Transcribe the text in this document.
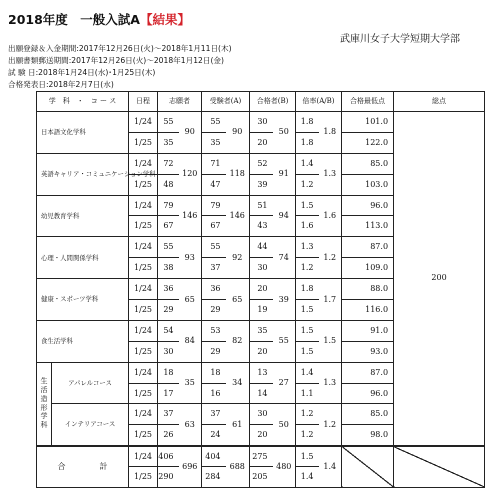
2018年度　一般入試A【結果】
武庫川女子大学短期大学部
出願登録＆入金期間:2017年12月26日(火)～2018年1月11日(木)
出願書類郵送期間:2017年12月26日(火)～2018年1月12日(金)
試 験 日:2018年1月24日(水)･1月25日(木)
合格発表日:2018年2月7日(水)
学　科　・　コ ー ス		日程	志願者		受験者(A)		合格者(B)		倍率(A/B)		合格最低点	総点
日本語文化学科		1/24	55	90	55	90	30	50	1.8	1.8	101.0	200
		1/25	35		35		20		1.8		122.0	
英語キャリア・コミュニケーション学科		1/24	72	120	71	118	52	91	1.4	1.3	85.0	
		1/25	48		47		39		1.2		103.0	
幼児教育学科		1/24	79	146	79	146	51	94	1.5	1.6	96.0	
		1/25	67		67		43		1.6		113.0	
心理・人間関係学科		1/24	55	93	55	92	44	74	1.3	1.2	87.0	
		1/25	38		37		30		1.2		109.0	
健康・スポーツ学科		1/24	36	65	36	65	20	39	1.8	1.7	88.0	
		1/25	29		29		19		1.5		116.0	
食生活学科		1/24	54	84	53	82	35	55	1.5	1.5	91.0	
		1/25	30		29		20		1.5		93.0	
生活造形学科	アパレルコース	1/24	18	35	18	34	13	27	1.4	1.3	87.0	
		1/25	17		16		14		1.1		96.0	
	インテリアコース	1/24	37	63	37	61	30	50	1.2	1.2	85.0	
		1/25	26		24		20		1.2		98.0	
合 計		1/24	406	696	404	688	275	480	1.5	1.4		
		1/25	290		284		205		1.4			
